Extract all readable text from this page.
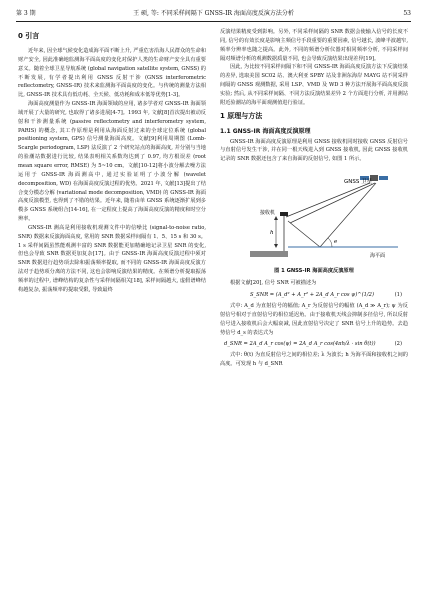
第 3 期	王 硕, 等: 不同采样间隔下 GNSS-IR 海面高度反演方法分析	53
0 引言

近年来, 因全球气候变化造成海平面不断上升, 严重危害沿海人民群众的生命和财产安全, 因此准确地监测海平面高度的变化对保护人类的生命财产安全具有重要意义。随着全球卫星导航系统 (global navigation satellite system, GNSS) 的不断发展, 有学者提出利用 GNSS 反射干涉 (GNSS interferometric reflectometry, GNSS-IR) 技术来监测海平面高度的变化。与传统的测量方法相比, GNSS-IR 技术具有低功耗、全天候、低功耗和成本低等优势[1-3]。

海面高度测量作为 GNSS-IR 海面领域的应用, 诸多学者对 GNSS-IR 海面领域开展了大量的研究, 也取得了诸多进展[4-7]。1993 年, 文献[8]首次提出被动反射和干涉测量系统 (passive reflectometry and interferometry system, PARIS) 的概念, 其工作原理是利用从海面反射过来的全球定位系统 (global positioning system, GPS) 信号测量海面高度。文献[9]利用周期图 (Lomb-Scargle periodogram, LSP) 法反演了 2 个研究站点的海面高度, 并分别与当地的验潮站数据进行比较, 结果表明相关系数均达到了 0.97, 均方根误差 (root mean square error, RMSE) 为 5~10 cm。文献[10-12]将小波分解去噪方法运用于 GNSS-IR 海面测高中, 通过实验证明了小波分解 (wavelet decomposition, WD) 在海面高度反演过程的优势。2021 年, 文献[13]提出了结合变分模态分解 (variational mode decomposition, VMD) 的 GNSS-IR 海面高度反演模型, 也得到了不错的结果。近年来, 随着由单 GNSS 系统逐渐扩展到多模多 GNSS 系统组合[14-16], 在一定程度上提高了海面高度反演的精度和时空分辨率。

GNSS-IR 测高是利用接收机观测文件中的信噪比 (signal-to-noise ratio, SNR) 数据来反演海面高度, 常用的 SNR 数据采样间隔有 1、5、15 s 和 30 s。1 s 采样间隔虽然能观测丰富的 SNR 数据能更加精确地记录卫星 SNR 的变化, 但也会导致 SNR 数据更加复杂[17]。由于 GNSS-IR 海面高度反演过程中须对 SNR 数据进行趋势项去除和振荡频率提取, 而不同的 GNSS-IR 海面高度反演方法对于趋势项分离的方法不同, 这也会影响反演结果的精度。在频谱分析提取振荡频率的过程中, 谱峰结构的复杂性与采样间隔相关[18], 采样间隔越大, 虚假谱峰结构越复杂, 振荡频率的提取受限, 导致最终

反演结果精度受到影响。另外, 不同采样间隔的 SNR 数据会使输入信号的长度不同, 信号的有效长度是影响主频信号手段重要的重要因素, 信号越长, 波峰半波越窄, 频率分辨率也随之提高。此外, 不同的频谱分析仪器对相同频率分析, 不同采样间隔对频谱分析的观测数据质量不同, 也会导致反演结果出现差异[19]。

因此, 为比较不同采样间隔下和不同 GNSS-IR 海面高度反演方法下反演结果的差异, 选取美国 SC02 站、澳大利亚 SPBY 站及非洲东海岸 MAYG 站不同采样间隔的 GNSS 观测数据, 采用 LSP、VMD 及 WD 3 种方法开展海平面高度反演实验; 然后, 从不同采样间隔、不同方法反演结果差异 2 个方面进行分析, 并用测站附近验潮站的海平面观测值进行验证。

1 原理与方法
1.1 GNSS-IR 海面高度反演原理

GNSS-IR 海面高度反演原理是利用 GNSS 接收机同时接收 GNSS 反射信号与直射信号发生干涉, 并在同一根天线进入到 GNSS 接收机, 因此 GNSS 接收机记录的 SNR 数据还包含了来自海面的反射信号, 如图 1 所示。

GNSS 卫星
接收机
海平面
h
e
图 1 GNSS-IR 海面高度反演原理

根据文献[20], 信号 SNR 可被描述为

S_SNR = (A_d² + A_r² + 2A_d A_r cos ψ)^(1/2)	(1)

式中: A_d 为直射信号的幅值; A_r 为反射信号的幅值 (A_d ≫ A_r); ψ 为反射信号相对于直射信号的相位延迟角。由于接收机天线会抑制多径信号, 所以反射信号进入接收机后会大幅衰减, 因此直射信号决定了 SNR 信号上升的趋势。去趋势信号 d_s 的表达式为

d_SNR = 2A_d A_r cos(ψ) = 2A_d A_r cos(4πh/λ · sin θ(t))	(2)

式中: θ(t) 为直反射信号之间的相位差; λ 为波长; h 为海平面和接收机之间的高度。可发现 h 与 d_SNR
